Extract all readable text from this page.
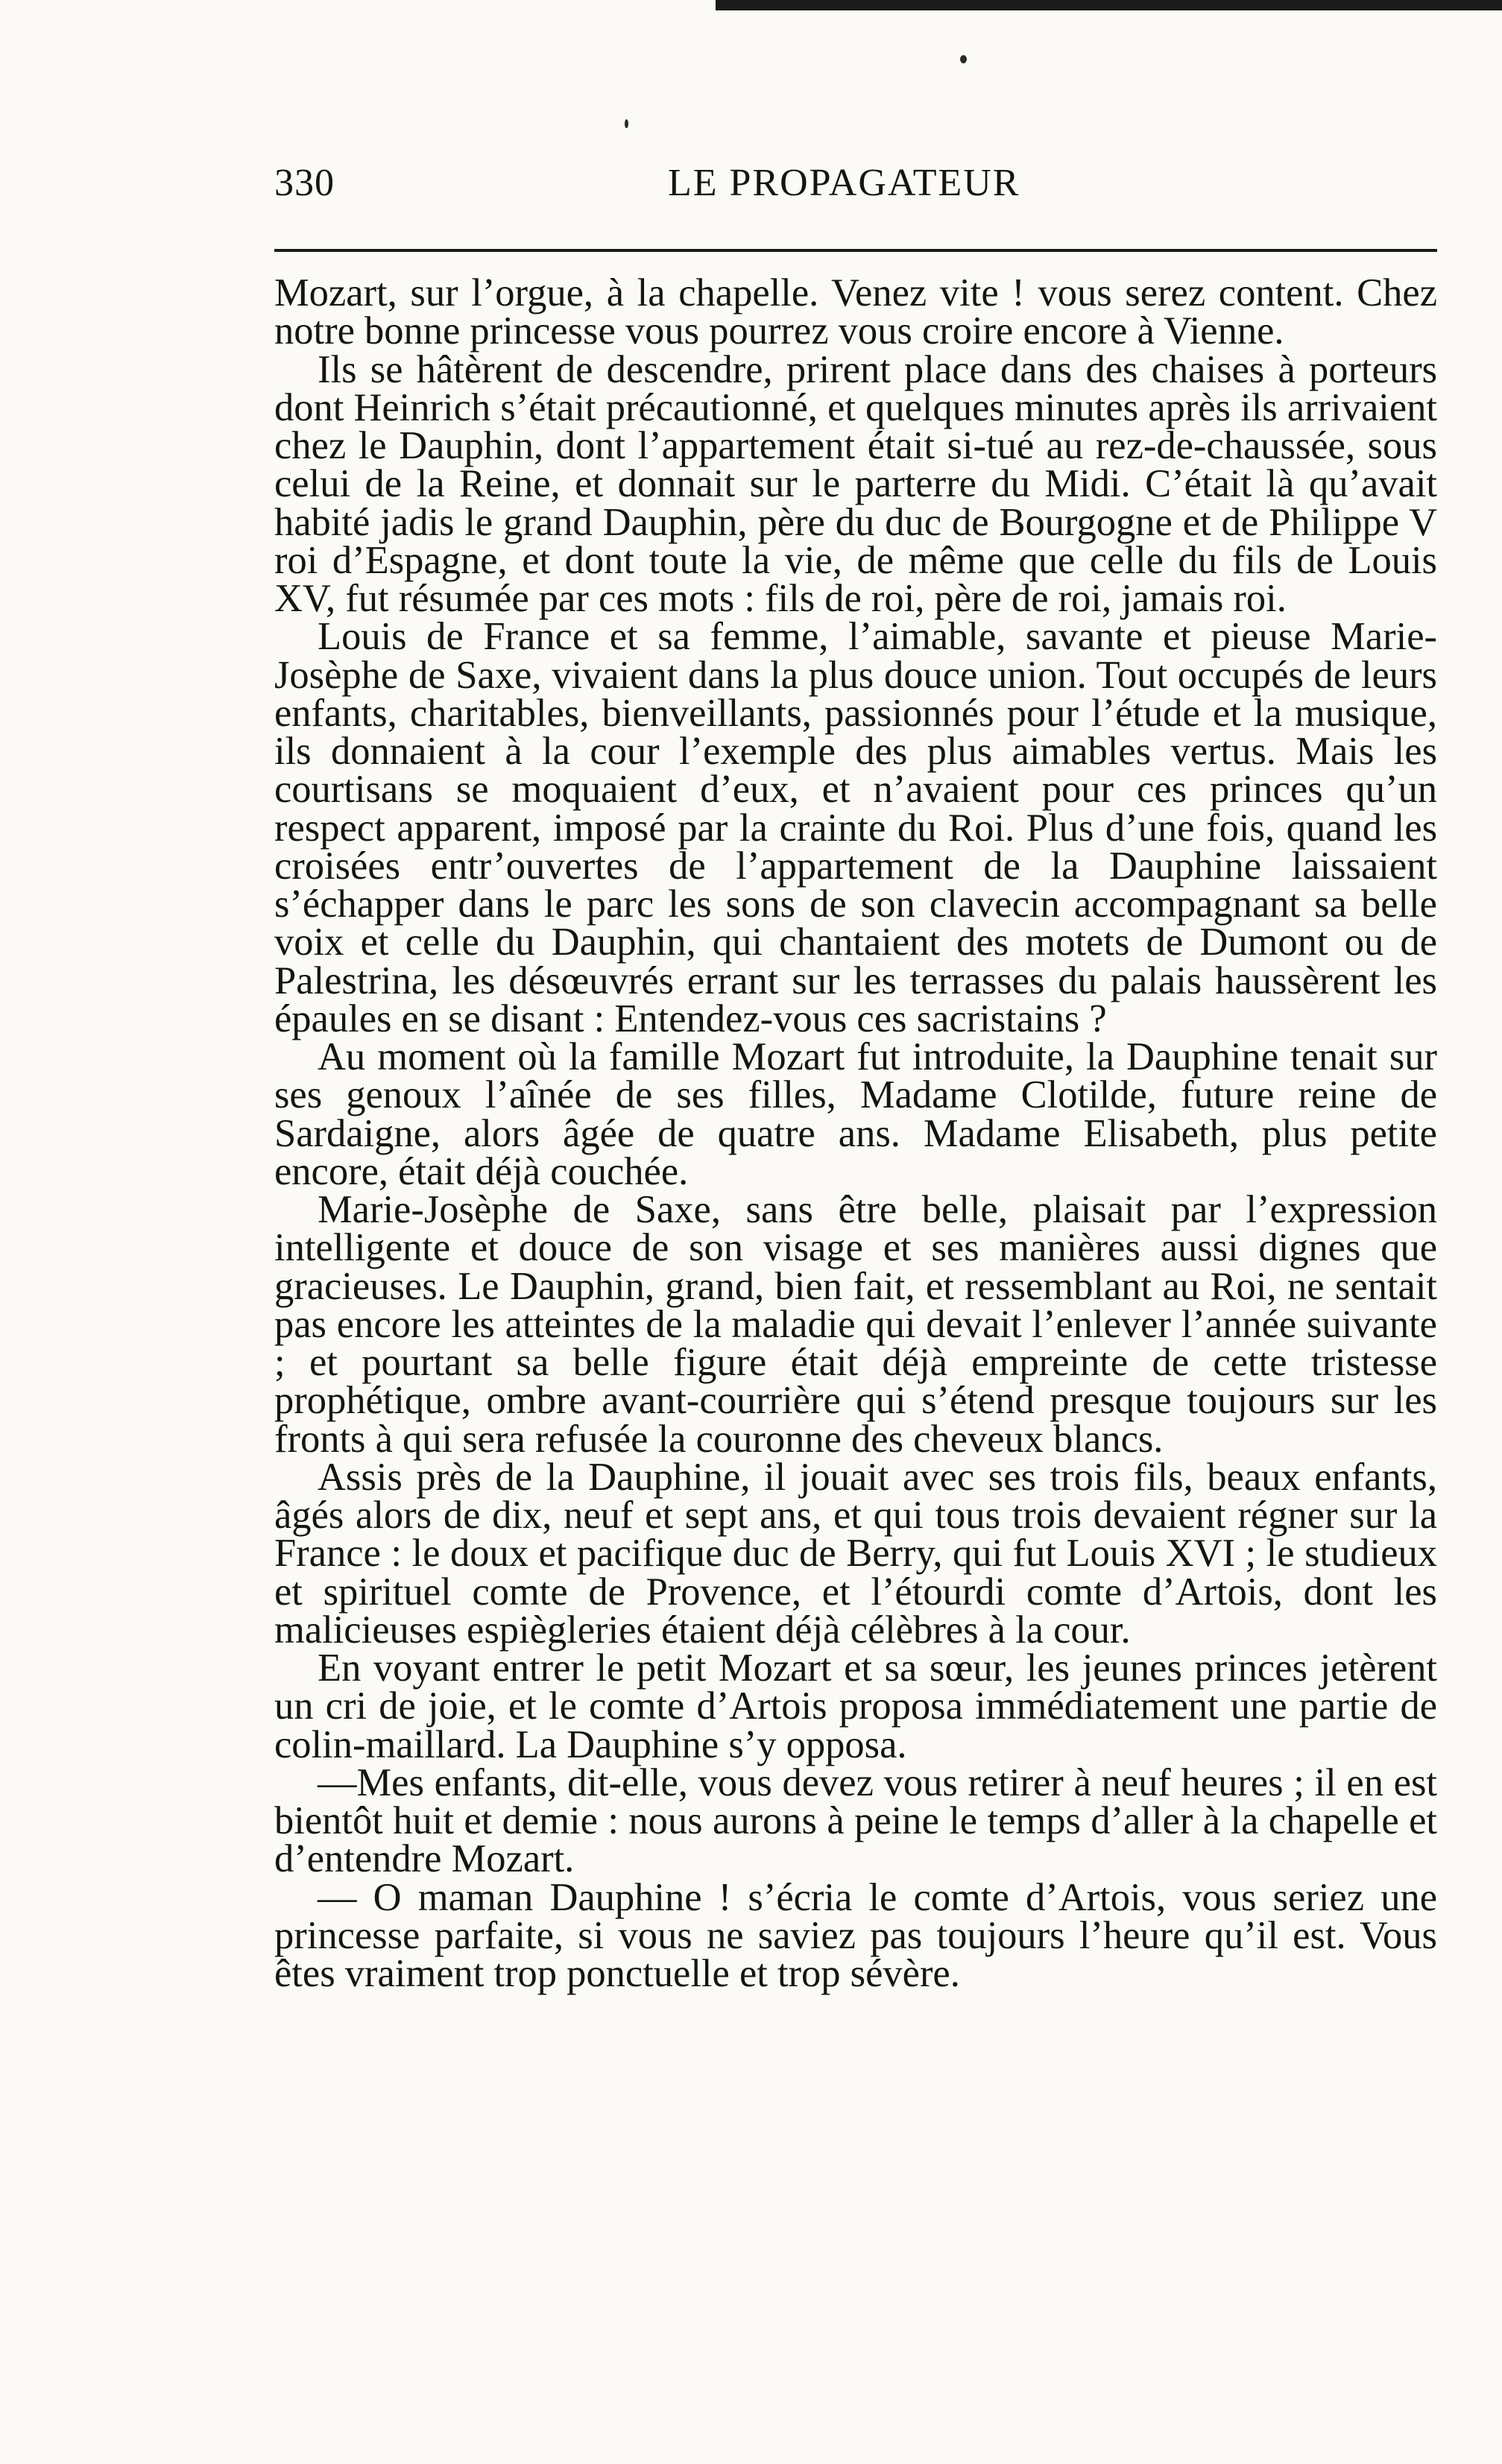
330	LE PROPAGATEUR

Mozart, sur l’orgue, à la chapelle. Venez vite ! vous serez content. Chez notre bonne princesse vous pourrez vous croire encore à Vienne.

Ils se hâtèrent de descendre, prirent place dans des chaises à porteurs dont Heinrich s’était précautionné, et quelques minutes après ils arrivaient chez le Dauphin, dont l’appartement était si-tué au rez-de-chaussée, sous celui de la Reine, et donnait sur le parterre du Midi. C’était là qu’avait habité jadis le grand Dauphin, père du duc de Bourgogne et de Philippe V roi d’Espagne, et dont toute la vie, de même que celle du fils de Louis XV, fut résumée par ces mots : fils de roi, père de roi, jamais roi.

Louis de France et sa femme, l’aimable, savante et pieuse Marie-Josèphe de Saxe, vivaient dans la plus douce union. Tout occupés de leurs enfants, charitables, bienveillants, passionnés pour l’étude et la musique, ils donnaient à la cour l’exemple des plus aimables vertus. Mais les courtisans se moquaient d’eux, et n’avaient pour ces princes qu’un respect apparent, imposé par la crainte du Roi. Plus d’une fois, quand les croisées entr’ouvertes de l’appartement de la Dauphine laissaient s’échapper dans le parc les sons de son clavecin accompagnant sa belle voix et celle du Dauphin, qui chantaient des motets de Dumont ou de Palestrina, les désœuvrés errant sur les terrasses du palais haussèrent les épaules en se disant : Entendez-vous ces sacristains ?

Au moment où la famille Mozart fut introduite, la Dauphine tenait sur ses genoux l’aînée de ses filles, Madame Clotilde, future reine de Sardaigne, alors âgée de quatre ans. Madame Elisabeth, plus petite encore, était déjà couchée.

Marie-Josèphe de Saxe, sans être belle, plaisait par l’expression intelligente et douce de son visage et ses manières aussi dignes que gracieuses. Le Dauphin, grand, bien fait, et ressemblant au Roi, ne sentait pas encore les atteintes de la maladie qui devait l’enlever l’année suivante ; et pourtant sa belle figure était déjà empreinte de cette tristesse prophétique, ombre avant-courrière qui s’étend presque toujours sur les fronts à qui sera refusée la couronne des cheveux blancs.

Assis près de la Dauphine, il jouait avec ses trois fils, beaux enfants, âgés alors de dix, neuf et sept ans, et qui tous trois devaient régner sur la France : le doux et pacifique duc de Berry, qui fut Louis XVI ; le studieux et spirituel comte de Provence, et l’étourdi comte d’Artois, dont les malicieuses espiègleries étaient déjà célèbres à la cour.

En voyant entrer le petit Mozart et sa sœur, les jeunes princes jetèrent un cri de joie, et le comte d’Artois proposa immédiatement une partie de colin-maillard. La Dauphine s’y opposa.

—Mes enfants, dit-elle, vous devez vous retirer à neuf heures ; il en est bientôt huit et demie : nous aurons à peine le temps d’aller à la chapelle et d’entendre Mozart.

— O maman Dauphine ! s’écria le comte d’Artois, vous seriez une princesse parfaite, si vous ne saviez pas toujours l’heure qu’il est. Vous êtes vraiment trop ponctuelle et trop sévère.
